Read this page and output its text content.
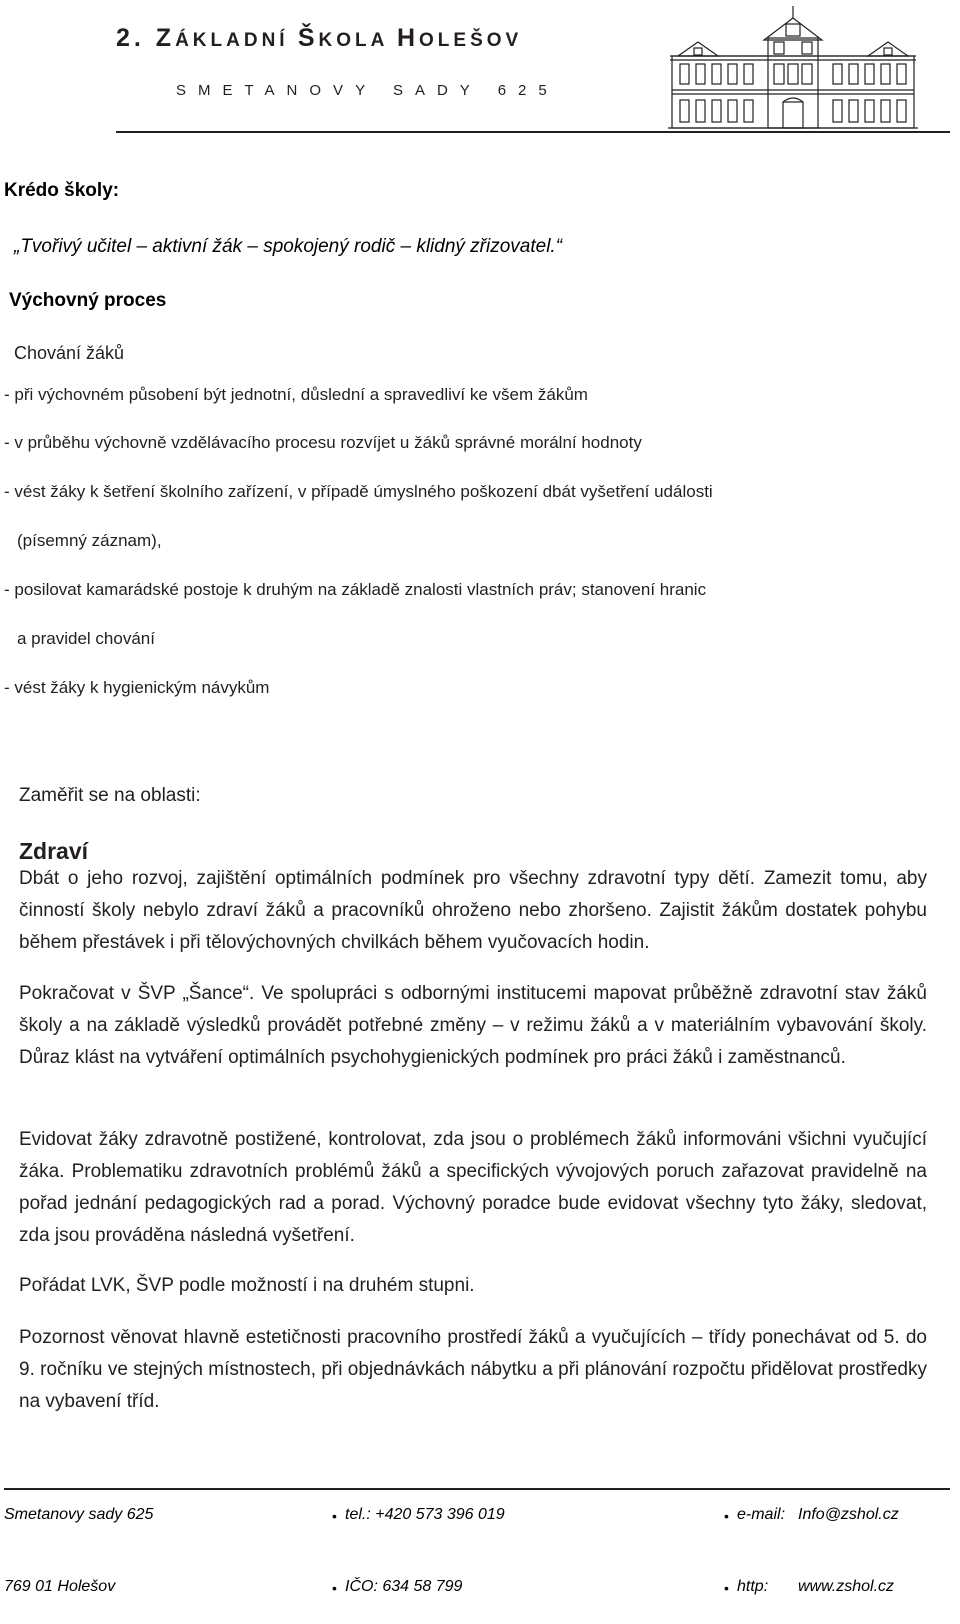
2. ZÁKLADNÍ ŠKOLA HOLEŠOV
SMETANOVY SADY 625
Krédo školy:
„Tvořivý učitel – aktivní žák – spokojený rodič – klidný zřizovatel.“
Výchovný proces
Chování žáků
- při výchovném působení být jednotní, důslední a spravedliví ke všem žákům
- v průběhu výchovně vzdělávacího procesu rozvíjet u žáků správné morální hodnoty
- vést žáky k šetření školního zařízení, v případě úmyslného poškození dbát vyšetření události
(písemný záznam),
- posilovat kamarádské postoje k druhým na základě znalosti vlastních práv; stanovení hranic
a pravidel chování
- vést žáky k hygienickým návykům
Zaměřit se na oblasti:
Zdraví
Dbát o jeho rozvoj, zajištění optimálních podmínek pro všechny zdravotní typy dětí. Zamezit tomu, aby činností školy nebylo zdraví žáků a pracovníků ohroženo nebo zhoršeno. Zajistit žákům dostatek pohybu během přestávek i při tělovýchovných chvilkách během vyučovacích hodin.
Pokračovat v ŠVP „Šance“. Ve spolupráci s odbornými institucemi mapovat průběžně zdravotní stav žáků školy a na základě výsledků provádět potřebné změny – v režimu žáků a v materiálním vybavování školy. Důraz klást na vytváření optimálních psychohygienických podmínek pro práci žáků i zaměstnanců.
Evidovat žáky zdravotně postižené, kontrolovat, zda jsou o problémech žáků informováni všichni vyučující žáka. Problematiku zdravotních problémů žáků a specifických vývojových poruch zařazovat pravidelně na pořad jednání pedagogických rad a porad. Výchovný poradce bude evidovat všechny tyto žáky, sledovat, zda jsou prováděna následná vyšetření.
Pořádat LVK, ŠVP podle možností i na druhém stupni.
Pozornost věnovat hlavně estetičnosti pracovního prostředí žáků a vyučujících – třídy ponechávat od 5. do 9. ročníku ve stejných místnostech, při objednávkách nábytku a při plánování rozpočtu přidělovat prostředky na vybavení tříd.
Smetanovy sady 625	• tel.: +420 573 396 019	• e-mail: Info@zshol.cz
769 01 Holešov	• IČO: 634 58 799	• http: www.zshol.cz
